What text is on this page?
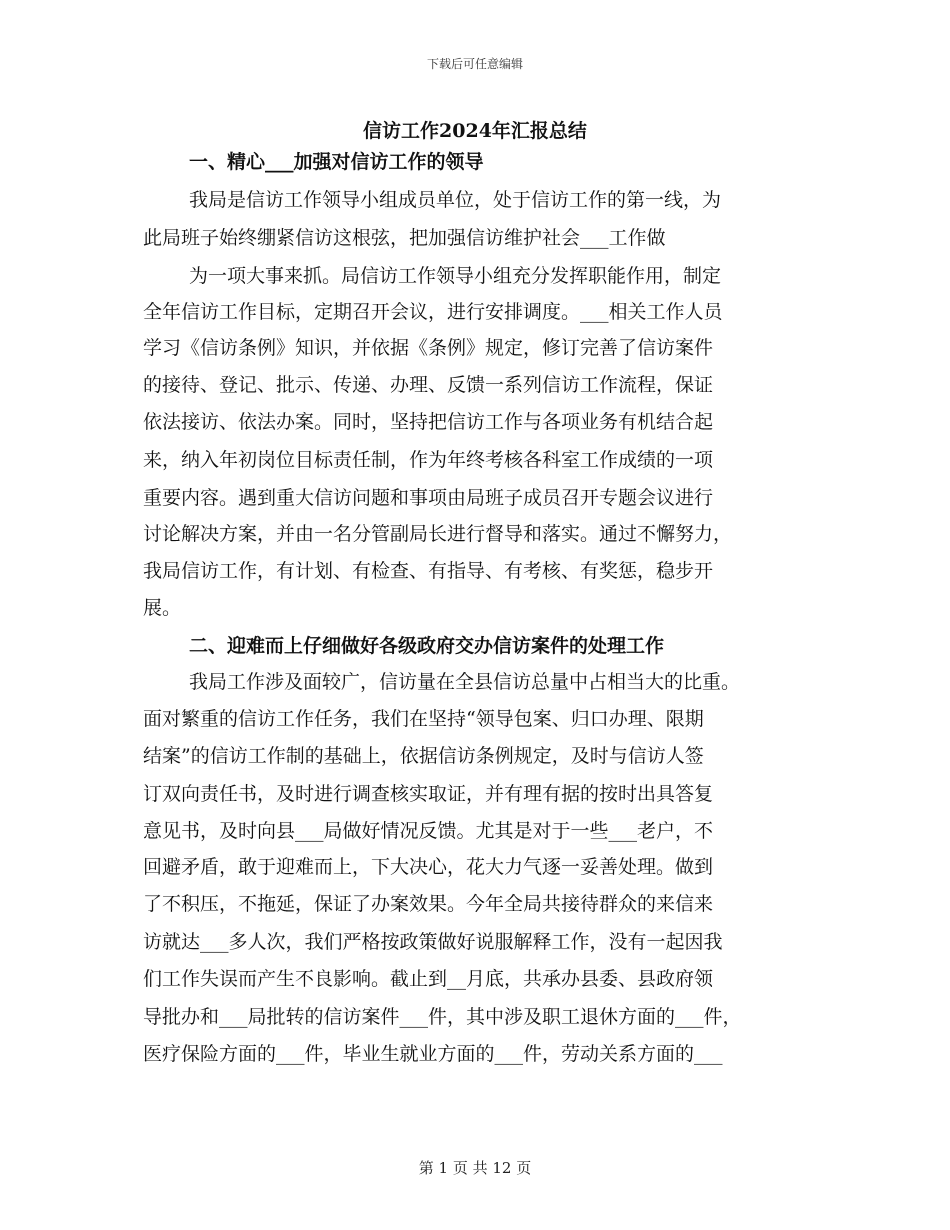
下载后可任意编辑
信访工作2024年汇报总结
一、精心___加强对信访工作的领导
我局是信访工作领导小组成员单位，处于信访工作的第一线，为
此局班子始终绷紧信访这根弦，把加强信访维护社会___工作做
为一项大事来抓。局信访工作领导小组充分发挥职能作用，制定
全年信访工作目标，定期召开会议，进行安排调度。___相关工作人员
学习《信访条例》知识，并依据《条例》规定，修订完善了信访案件
的接待、登记、批示、传递、办理、反馈一系列信访工作流程，保证
依法接访、依法办案。同时，坚持把信访工作与各项业务有机结合起
来，纳入年初岗位目标责任制，作为年终考核各科室工作成绩的一项
重要内容。遇到重大信访问题和事项由局班子成员召开专题会议进行
讨论解决方案，并由一名分管副局长进行督导和落实。通过不懈努力，
我局信访工作，有计划、有检查、有指导、有考核、有奖惩，稳步开
展。
二、迎难而上仔细做好各级政府交办信访案件的处理工作
我局工作涉及面较广，信访量在全县信访总量中占相当大的比重。
面对繁重的信访工作任务，我们在坚持“领导包案、归口办理、限期
结案”的信访工作制的基础上，依据信访条例规定，及时与信访人签
订双向责任书，及时进行调查核实取证，并有理有据的按时出具答复
意见书，及时向县___局做好情况反馈。尤其是对于一些___老户，不
回避矛盾，敢于迎难而上，下大决心，花大力气逐一妥善处理。做到
了不积压，不拖延，保证了办案效果。今年全局共接待群众的来信来
访就达___多人次，我们严格按政策做好说服解释工作，没有一起因我
们工作失误而产生不良影响。截止到__月底，共承办县委、县政府领
导批办和___局批转的信访案件___件，其中涉及职工退休方面的___件，
医疗保险方面的___件，毕业生就业方面的___件，劳动关系方面的___
第 1 页 共 12 页
